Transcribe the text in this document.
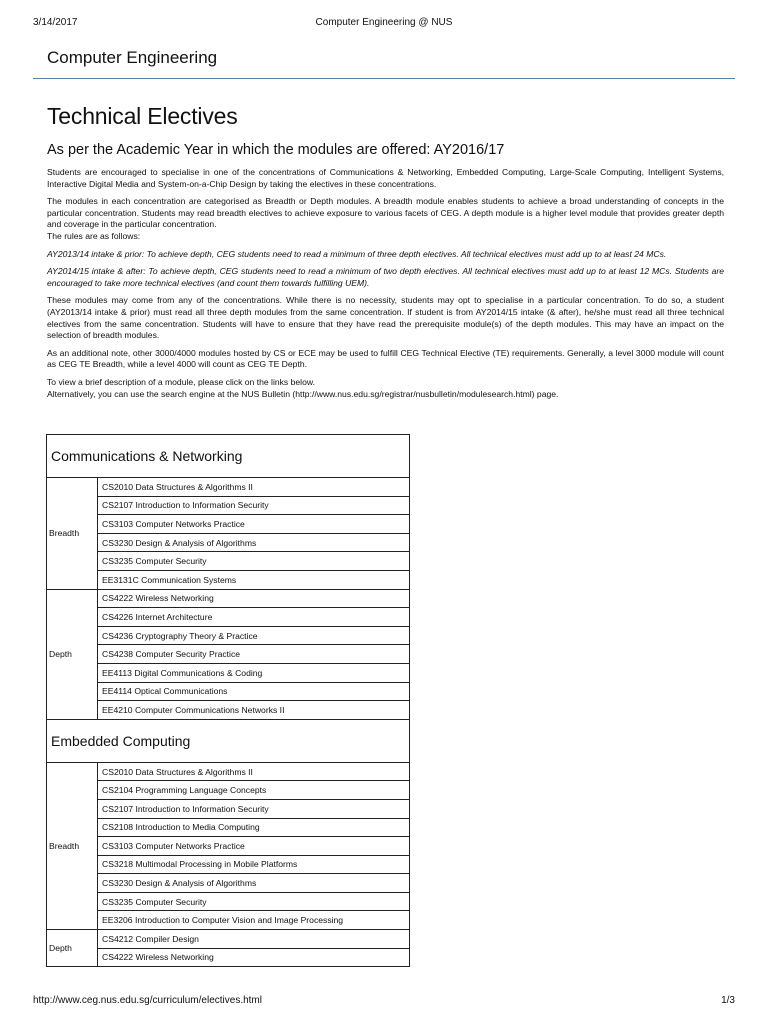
3/14/2017	Computer Engineering @ NUS
Computer Engineering
Technical Electives
As per the Academic Year in which the modules are offered: AY2016/17

Students are encouraged to specialise in one of the concentrations of Communications & Networking, Embedded Computing, Large-Scale Computing, Intelligent Systems, Interactive Digital Media and System-on-a-Chip Design by taking the electives in these concentrations.

The modules in each concentration are categorised as Breadth or Depth modules. A breadth module enables students to achieve a broad understanding of concepts in the particular concentration. Students may read breadth electives to achieve exposure to various facets of CEG. A depth module is a higher level module that provides greater depth and coverage in the particular concentration.

The rules are as follows:

AY2013/14 intake & prior: To achieve depth, CEG students need to read a minimum of three depth electives. All technical electives must add up to at least 24 MCs.

AY2014/15 intake & after: To achieve depth, CEG students need to read a minimum of two depth electives. All technical electives must add up to at least 12 MCs. Students are encouraged to take more technical electives (and count them towards fulfilling UEM).

These modules may come from any of the concentrations. While there is no necessity, students may opt to specialise in a particular concentration. To do so, a student (AY2013/14 intake & prior) must read all three depth modules from the same concentration. If student is from AY2014/15 intake (& after), he/she must read all three technical electives from the same concentration. Students will have to ensure that they have read the prerequisite module(s) of the depth modules. This may have an impact on the selection of breadth modules.

As an additional note, other 3000/4000 modules hosted by CS or ECE may be used to fulfill CEG Technical Elective (TE) requirements. Generally, a level 3000 module will count as CEG TE Breadth, while a level 4000 will count as CEG TE Depth.

To view a brief description of a module, please click on the links below.

Alternatively, you can use the search engine at the NUS Bulletin (http://www.nus.edu.sg/registrar/nusbulletin/modulesearch.html) page.

Communications & Networking	
Breadth	CS2010 Data Structures & Algorithms II
	CS2107 Introduction to Information Security
	CS3103 Computer Networks Practice
	CS3230 Design & Analysis of Algorithms
	CS3235 Computer Security
	EE3131C Communication Systems
Depth	CS4222 Wireless Networking
	CS4226 Internet Architecture
	CS4236 Cryptography Theory & Practice
	CS4238 Computer Security Practice
	EE4113 Digital Communications & Coding
	EE4114 Optical Communications
	EE4210 Computer Communications Networks II
Embedded Computing	
Breadth	CS2010 Data Structures & Algorithms II
	CS2104 Programming Language Concepts
	CS2107 Introduction to Information Security
	CS2108 Introduction to Media Computing
	CS3103 Computer Networks Practice
	CS3218 Multimodal Processing in Mobile Platforms
	CS3230 Design & Analysis of Algorithms
	CS3235 Computer Security
	EE3206 Introduction to Computer Vision and Image Processing
Depth	CS4212 Compiler Design
	CS4222 Wireless Networking
http://www.ceg.nus.edu.sg/curriculum/electives.html	1/3
